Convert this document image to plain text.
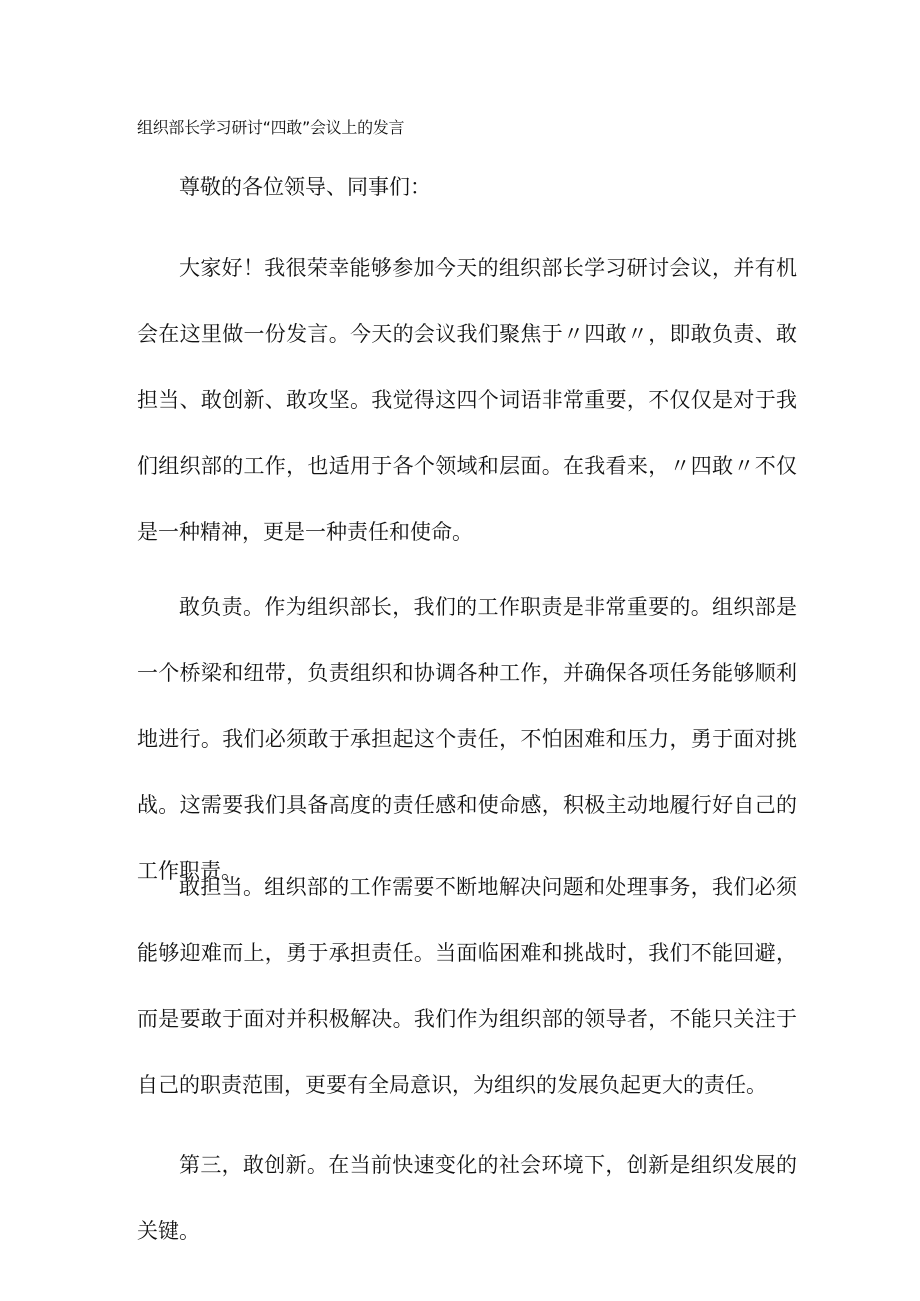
组织部长学习研讨“四敢”会议上的发言
尊敬的各位领导、同事们：

大家好！我很荣幸能够参加今天的组织部长学习研讨会议，并有机会在这里做一份发言。今天的会议我们聚焦于〃四敢〃，即敢负责、敢担当、敢创新、敢攻坚。我觉得这四个词语非常重要，不仅仅是对于我们组织部的工作，也适用于各个领域和层面。在我看来，〃四敢〃不仅是一种精神，更是一种责任和使命。

敢负责。作为组织部长，我们的工作职责是非常重要的。组织部是一个桥梁和纽带，负责组织和协调各种工作，并确保各项任务能够顺利地进行。我们必须敢于承担起这个责任，不怕困难和压力，勇于面对挑战。这需要我们具备高度的责任感和使命感，积极主动地履行好自己的工作职责。

敢担当。组织部的工作需要不断地解决问题和处理事务，我们必须能够迎难而上，勇于承担责任。当面临困难和挑战时，我们不能回避，而是要敢于面对并积极解决。我们作为组织部的领导者，不能只关注于自己的职责范围，更要有全局意识，为组织的发展负起更大的责任。

第三，敢创新。在当前快速变化的社会环境下，创新是组织发展的关键。
